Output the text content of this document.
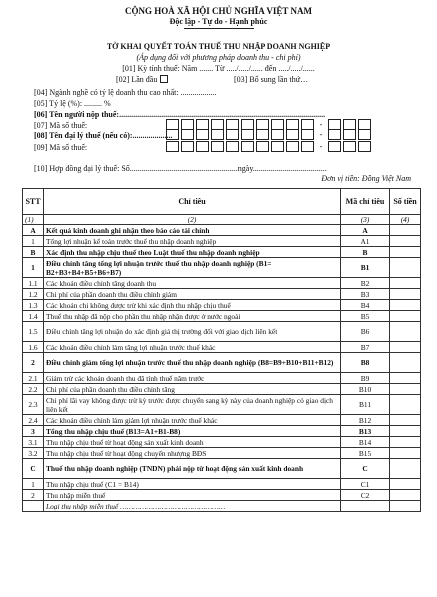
CỘNG HOÀ XÃ HỘI CHỦ NGHĨA VIỆT NAM
Độc lập - Tự do - Hạnh phúc
TỜ KHAI QUYẾT TOÁN THUẾ THU NHẬP DOANH NGHIỆP
(Áp dụng đối với phương pháp doanh thu - chi phí)
[01] Kỳ tính thuế: Năm ....... Từ ...../...../...... đến ...../...../......
[02] Lần đầu	[03] Bổ sung lần thứ…
[04] Ngành nghề có tỷ lệ doanh thu cao nhất: ..................
[05] Tỷ lệ (%): ......... %
[06] Tên người nộp thuế:.......................................................................................................
[07] Mã số thuế:	-
[08] Tên đại lý thuế (nếu có):....................	-
[09] Mã số thuế:	-
[10] Hợp đồng đại lý thuế: Số......................................................ngày.....................................
Đơn vị tiền: Đồng Việt Nam
STT	Chỉ tiêu	Mã chỉ tiêu	Số tiền
(1)	(2)	(3)	(4)
A	Kết quả kinh doanh ghi nhận theo báo cáo tài chính	A	
1	Tổng lợi nhuận kế toán trước thuế thu nhập doanh nghiệp	A1	
B	Xác định thu nhập chịu thuế theo Luật thuế thu nhập doanh nghiệp	B	
1	Điều chỉnh tăng tổng lợi nhuận trước thuế thu nhập doanh nghiệp (B1= B2+B3+B4+B5+B6+B7)	B1	
1.1	Các khoản điều chỉnh tăng doanh thu	B2	
1.2	Chi phí của phần doanh thu điều chỉnh giảm	B3	
1.3	Các khoản chi không được trừ khi xác định thu nhập chịu thuế	B4	
1.4	Thuế thu nhập đã nộp cho phần thu nhập nhận được ở nước ngoài	B5	
1.5	Điều chỉnh tăng lợi nhuận do xác định giá thị trường đối với giao dịch liên kết	B6	
1.6	Các khoản điều chỉnh làm tăng lợi nhuận trước thuế khác	B7	
2	Điều chỉnh giảm tổng lợi nhuận trước thuế thu nhập doanh nghiệp (B8=B9+B10+B11+B12)	B8	
2.1	Giảm trừ các khoản doanh thu đã tính thuế năm trước	B9	
2.2	Chi phí của phần doanh thu điều chỉnh tăng	B10	
2.3	Chi phí lãi vay không được trừ kỳ trước được chuyển sang kỳ này của doanh nghiệp có giao dịch liên kết	B11	
2.4	Các khoản điều chỉnh làm giảm lợi nhuận trước thuế khác	B12	
3	Tổng thu nhập chịu thuế (B13=A1+B1-B8)	B13	
3.1	Thu nhập chịu thuế từ hoạt động sản xuất kinh doanh	B14	
3.2	Thu nhập chịu thuế từ hoạt động chuyển nhượng BĐS	B15	
C	Thuế thu nhập doanh nghiệp (TNDN) phải nộp từ hoạt động sản xuất kinh doanh	C	
1	Thu nhập chịu thuế (C1 = B14)	C1	
2	Thu nhập miễn thuế	C2	
	Loại thu nhập miễn thuế …………………………………………		
